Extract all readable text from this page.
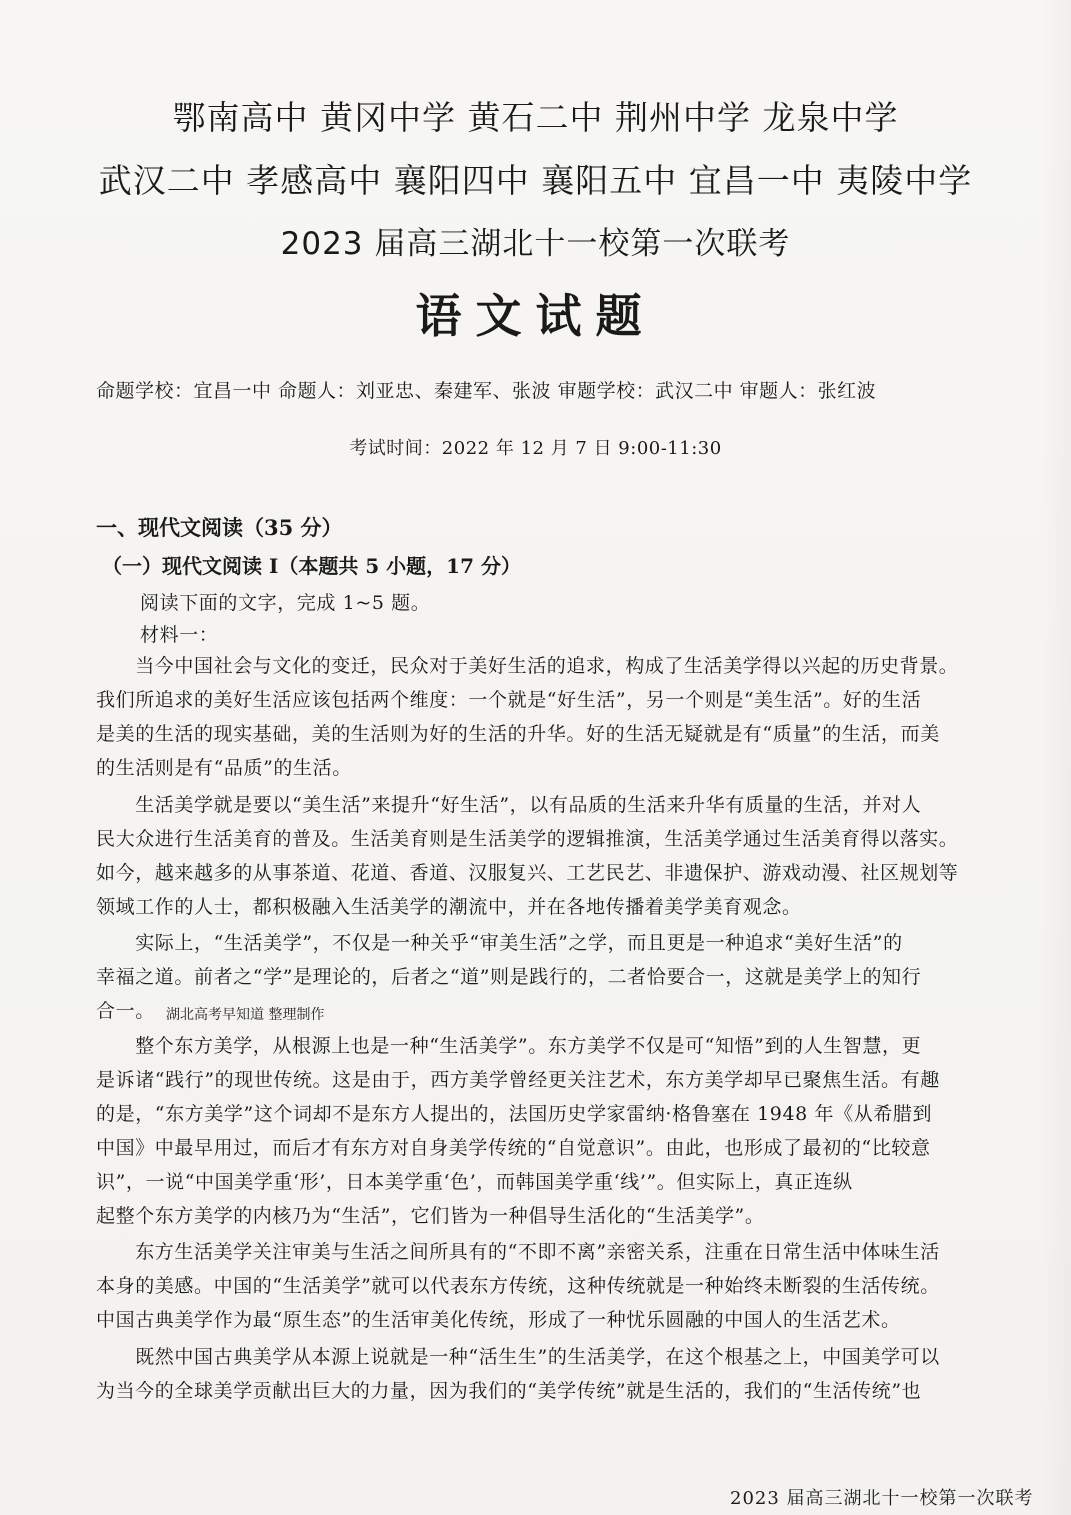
鄂南高中 黄冈中学 黄石二中 荆州中学 龙泉中学
武汉二中 孝感高中 襄阳四中 襄阳五中 宜昌一中 夷陵中学
2023 届高三湖北十一校第一次联考
语文试题
命题学校：宜昌一中 命题人：刘亚忠、秦建军、张波 审题学校：武汉二中 审题人：张红波
考试时间：2022 年 12 月 7 日 9:00-11:30
一、现代文阅读（35 分）
（一）现代文阅读 I（本题共 5 小题，17 分）
阅读下面的文字，完成 1~5 题。
材料一：
　　当今中国社会与文化的变迁，民众对于美好生活的追求，构成了生活美学得以兴起的历史背景。
我们所追求的美好生活应该包括两个维度：一个就是“好生活”，另一个则是“美生活”。好的生活
是美的生活的现实基础，美的生活则为好的生活的升华。好的生活无疑就是有“质量”的生活，而美
的生活则是有“品质”的生活。
　　生活美学就是要以“美生活”来提升“好生活”，以有品质的生活来升华有质量的生活，并对人
民大众进行生活美育的普及。生活美育则是生活美学的逻辑推演，生活美学通过生活美育得以落实。
如今，越来越多的从事茶道、花道、香道、汉服复兴、工艺民艺、非遗保护、游戏动漫、社区规划等
领域工作的人士，都积极融入生活美学的潮流中，并在各地传播着美学美育观念。
　　实际上，“生活美学”，不仅是一种关乎“审美生活”之学，而且更是一种追求“美好生活”的
幸福之道。前者之“学”是理论的，后者之“道”则是践行的，二者恰要合一，这就是美学上的知行
合一。 湖北高考早知道 整理制作
　　整个东方美学，从根源上也是一种“生活美学”。东方美学不仅是可“知悟”到的人生智慧，更
是诉诸“践行”的现世传统。这是由于，西方美学曾经更关注艺术，东方美学却早已聚焦生活。有趣
的是，“东方美学”这个词却不是东方人提出的，法国历史学家雷纳·格鲁塞在 1948 年《从希腊到
中国》中最早用过，而后才有东方对自身美学传统的“自觉意识”。由此，也形成了最初的“比较意
识”，一说“中国美学重‘形’，日本美学重‘色’，而韩国美学重‘线’”。但实际上，真正连纵
起整个东方美学的内核乃为“生活”，它们皆为一种倡导生活化的“生活美学”。
　　东方生活美学关注审美与生活之间所具有的“不即不离”亲密关系，注重在日常生活中体味生活
本身的美感。中国的“生活美学”就可以代表东方传统，这种传统就是一种始终未断裂的生活传统。
中国古典美学作为最“原生态”的生活审美化传统，形成了一种忧乐圆融的中国人的生活艺术。
　　既然中国古典美学从本源上说就是一种“活生生”的生活美学，在这个根基之上，中国美学可以
为当今的全球美学贡献出巨大的力量，因为我们的“美学传统”就是生活的，我们的“生活传统”也
2023 届高三湖北十一校第一次联考
